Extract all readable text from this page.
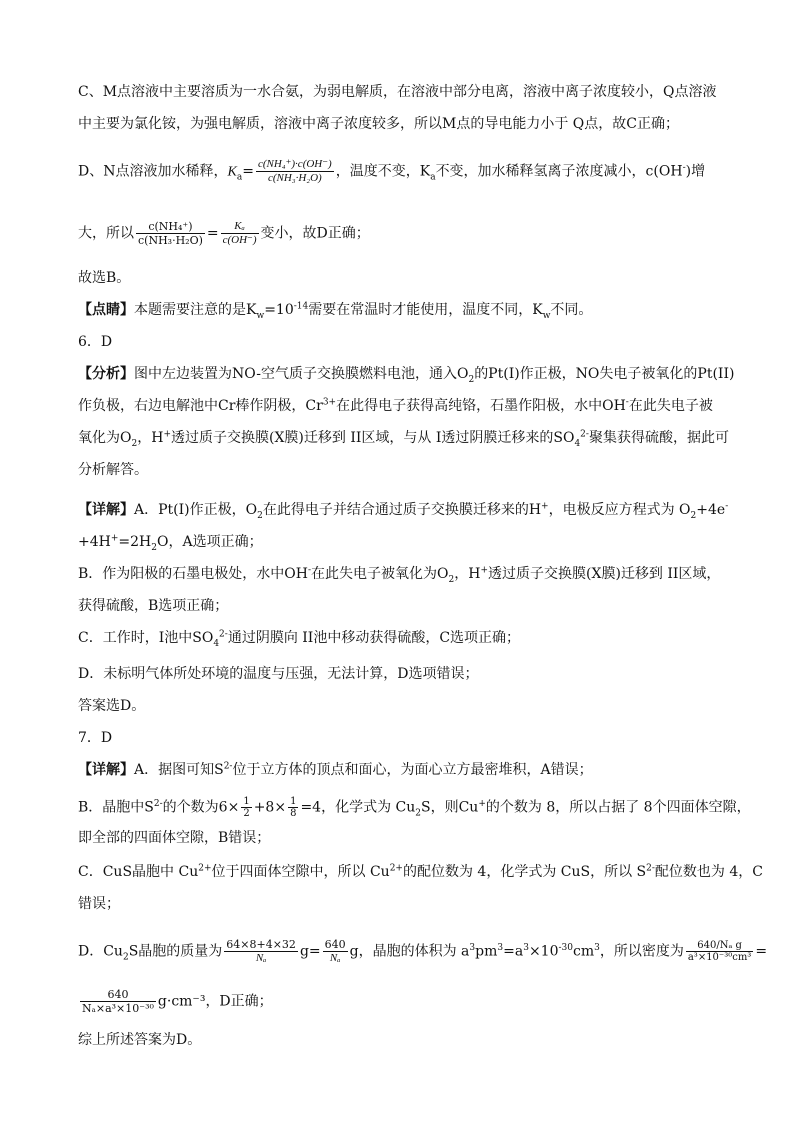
C、M点溶液中主要溶质为一水合氨，为弱电解质，在溶液中部分电离，溶液中离子浓度较小，Q点溶液
中主要为氯化铵，为强电解质，溶液中离子浓度较多，所以M点的导电能力小于 Q点，故C正确；
D、N点溶液加水稀释，$K_a= \frac{\text{c(NH₄⁺)·c(OH⁻)}}{\text{c(NH₃·H₂O)}}$ ，温度不变，$K_a$不变，加水稀释氢离子浓度减小，c(OH-)增
大，所以 $\frac{\text{c(NH₄⁺)}}{\text{c(NH₃·H₂O)}} = \frac{\text{Kₐ}}{c(OH^-)}$ 变小，故D正确；
故选B。
【点睛】本题需要注意的是$K_w=10^{-14}$需要在常温时才能使用，温度不同，$K_w$不同。
6．D
【分析】图中左边装置为NO-空气质子交换膜燃料电池，通入$O_2$的Pt(I)作正极，NO失电子被氧化的Pt(II)
作负极，右边电解池中Cr棒作阴极，$Cr^{3+}$在此得电子获得高纯铬，石墨作阳极，水中OH-在此失电子被
氧化为$O_2$，H+透过质子交换膜(X膜)迁移到 II区域，与从 I透过阴膜迁移来的$SO_4^{2-}$聚集获得硫酸，据此可
分析解答。
【详解】A．Pt(I)作正极，$O_2$在此得电子并结合通过质子交换膜迁移来的H+，电极反应方程式为 $O_2+4e^-$
$+4H^+=2H_2O$，A选项正确；
B．作为阳极的石墨电极处，水中OH-在此失电子被氧化为$O_2$，H+透过质子交换膜(X膜)迁移到 II区域，
获得硫酸，B选项正确；
C．工作时，I池中$SO_4^{2-}$通过阴膜向 II池中移动获得硫酸，C选项正确；
D．未标明气体所处环境的温度与压强，无法计算，D选项错误；
答案选D。
7．D
【详解】A．据图可知$S^{2-}$位于立方体的顶点和面心，为面心立方最密堆积，A错误；
B．晶胞中$S^{2-}$的个数为$6\times \frac{1}{2} +8\times \frac{1}{8} =4$，化学式为 $Cu_2S$，则Cu+的个数为 8，所以占据了 8个四面体空隙，
即全部的四面体空隙，B错误；
C．CuS晶胞中 $Cu^{2+}$位于四面体空隙中，所以 $Cu^{2+}$的配位数为 4，化学式为 CuS，所以 $S^{2-}$配位数也为 4，C
错误；
D．$Cu_2S$晶胞的质量为 $\frac{64\times 8+4\times 32}{\text{Nₐ}} g= \frac{640}{\text{Nₐ}}$ g，晶胞的体积为 $a^3pm^3=a^3\times 10^{-30}cm^3$，所以密度为 $\frac{\text{640/Nₐ g}}{\text{a³×10⁻³⁰cm³}}$ =
$\frac{640}{\text{Nₐ×a³×10⁻³⁰}} g\cdot cm^{-3}$，D正确；
综上所述答案为D。
